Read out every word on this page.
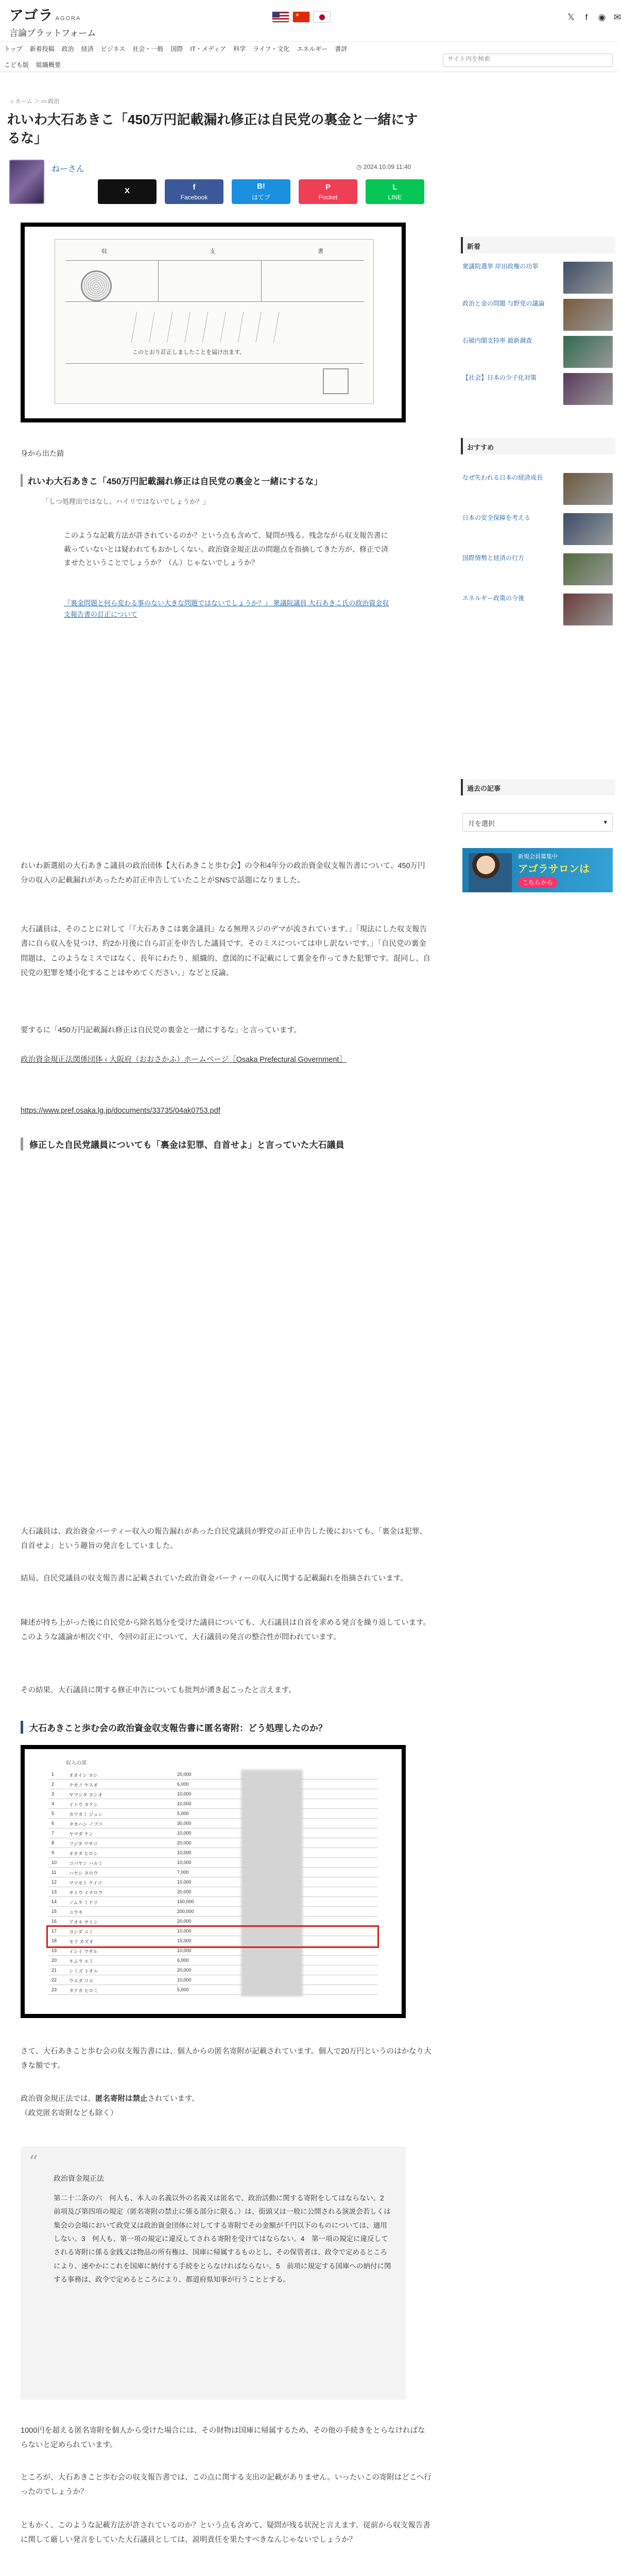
アゴラ AGORA
言論プラットフォーム
★
𝕏	f	◉ ✉
トップ 新着投稿 政治 経済 ビジネス 社会・一般 国際 IT・メディア 科学 ライフ・文化 エネルギー 書評
こども版 組織概要
サイト内を検索
⌂ ホーム ＞ ▭ 政治
れいわ大石あきこ「450万円記載漏れ修正は自民党の裏金と一緒にするな」
ねーさん	◷ 2024.10.09 11:40
X	f
Facebook
B!
はてブ
P
Pocket
L
LINE
収	支	書
このとおり訂正しましたことを届け出ます。
身から出た錆
れいわ大石あきこ「450万円記載漏れ修正は自民党の裏金と一緒にするな」
「しつ処理出ではなし、ハイリではないでしょうか？」
このような記載方法が許されているのか？という点も含めて、疑問が残る。残念ながら収支報告書に載っていないとは疑われてもおかしくない。政治資金規正法の問題点を指摘してきた方が、修正で済ませたということでしょうか？（ん）じゃないでしょうか？
『裏金問題と何ら変わる事のない大きな問題ではないでしょうか？』 衆議院議員 大石あきこ氏の政治資金収支報告書の訂正について

れいわ新選組の大石あきこ議員の政治団体【大石あきこと歩む会】の令和4年分の政治資金収支報告書について、450万円分の収入の記載漏れがあったため訂正申告していたことがSNSで話題になりました。

大石議員は、そのことに対して「『大石あきこは裏金議員』なる無理スジのデマが流されています。」「現法にした収支報告書に自ら収入を見つけ、約2か月後に自ら訂正を申告した議員です。そのミスについては申し訳ないです。」「自民党の裏金問題は、このようなミスではなく、長年にわたり、組織的、意図的に不記載にして裏金を作ってきた犯罪です。混同し、自民党の犯罪を矮小化することはやめてください。」などと反論。

要するに「450万円記載漏れ修正は自民党の裏金と一緒にするな」と言っています。

政治資金規正法関係団体 ‹ 大阪府（おおさかふ）ホームページ［Osaka Prefectural Government］
https://www.pref.osaka.lg.jp/documents/33735/04ak0753.pdf
修正した自民党議員についても「裏金は犯罪、自首せよ」と言っていた大石議員

大石議員は、政治資金パーティー収入の報告漏れがあった自民党議員が野党の訂正申告した後においても、「裏金は犯罪、自首せよ」という趣旨の発言をしていました。

結局、自民党議員の収支報告書に記載されていた政治資金パーティーの収入に関する記載漏れを指摘されています。

陳述が持ち上がった後に自民党から除名処分を受けた議員についても、大石議員は自首を求める発言を繰り返しています。このような議論が相次ぐ中、今回の訂正について、大石議員の発言の整合性が問われています。

その結果、大石議員に関する修正申告についても批判が湧き起こったと言えます。

大石あきこと歩む会の政治資金収支報告書に匿名寄附：どう処理したのか？
収入の部
1	オオイシ ヨシ	20,000
2	ナカノ ヤスオ	6,000
3	ヤマシタ ヨシオ	10,000
4	イトウ タケシ	10,000
5	カワカミ ジュン	5,000
6	タカハシ ノブコ	30,000
7	ヤマダ ケン	10,000
8	フジタ マサコ	20,000
9	オオタ ヒロシ	10,000
10	コバヤシ ハルミ	10,000
11	ハヤシ タロウ	7,000
12	マツモト ケイコ	10,000
13	サトウ イチロウ	20,000
14	ノムラ ミドリ	150,000
15	ユウキ	200,000
16	アオキ サトシ	20,000
17	ヨシダ ユミ	10,000
18	モリ カズオ	15,000
19	イシイ マサル	10,000
20	キムラ エミ	6,000
21	シミズ トオル	20,000
22	ウエダ リエ	10,000
23	タナカ ヒロミ	5,000

さて、大石あきこと歩む会の収支報告書には、個人からの匿名寄附が記載されています。個人で20万円というのはかなり大きな額です。

政治資金規正法では、匿名寄附は禁止されています。
（政党匿名寄附なども除く）

“
政治資金規正法
第二十二条の六　何人も、本人の名義以外の名義又は匿名で、政治活動に関する寄附をしてはならない。2　前項及び第四項の規定（匿名寄附の禁止に係る部分に限る。）は、街頭又は一般に公開される演説会若しくは集会の会場において政党又は政治資金団体に対してする寄附でその金額が千円以下のものについては、適用しない。3　何人も、第一項の規定に違反してされる寄附を受けてはならない。4　第一項の規定に違反してされる寄附に係る金銭又は物品の所有権は、国庫に帰属するものとし、その保管者は、政令で定めるところにより、速やかにこれを国庫に納付する手続をとらなければならない。5　前項に規定する国庫への納付に関する事務は、政令で定めるところにより、都道府県知事が行うこととする。

1000円を超える匿名寄附を個人から受けた場合には、その財物は国庫に帰属するため、その他の手続きをとらなければならないと定められています。

ところが、大石あきこと歩む会の収支報告書では、この点に関する支出の記載がありません。いったいこの寄附はどこへ行ったのでしょうか？

ともかく、このような記載方法が許されているのか？という点も含めて、疑問が残る状況と言えます。従前から収支報告書に関して厳しい発言をしていた大石議員としては、説明責任を果たすべきなんじゃないでしょうか？

新着
衆議院選挙 岸田政権の功罪
政治と金の問題 与野党の議論
石破内閣支持率 最新調査
【社会】日本の少子化対策
おすすめ
なぜ失われる日本の経済成長
日本の安全保障を考える
国際情勢と経済の行方
エネルギー政策の今後
過去の記事
月を選択	▾
新規会員募集中
アゴラサロンは
こちらから
